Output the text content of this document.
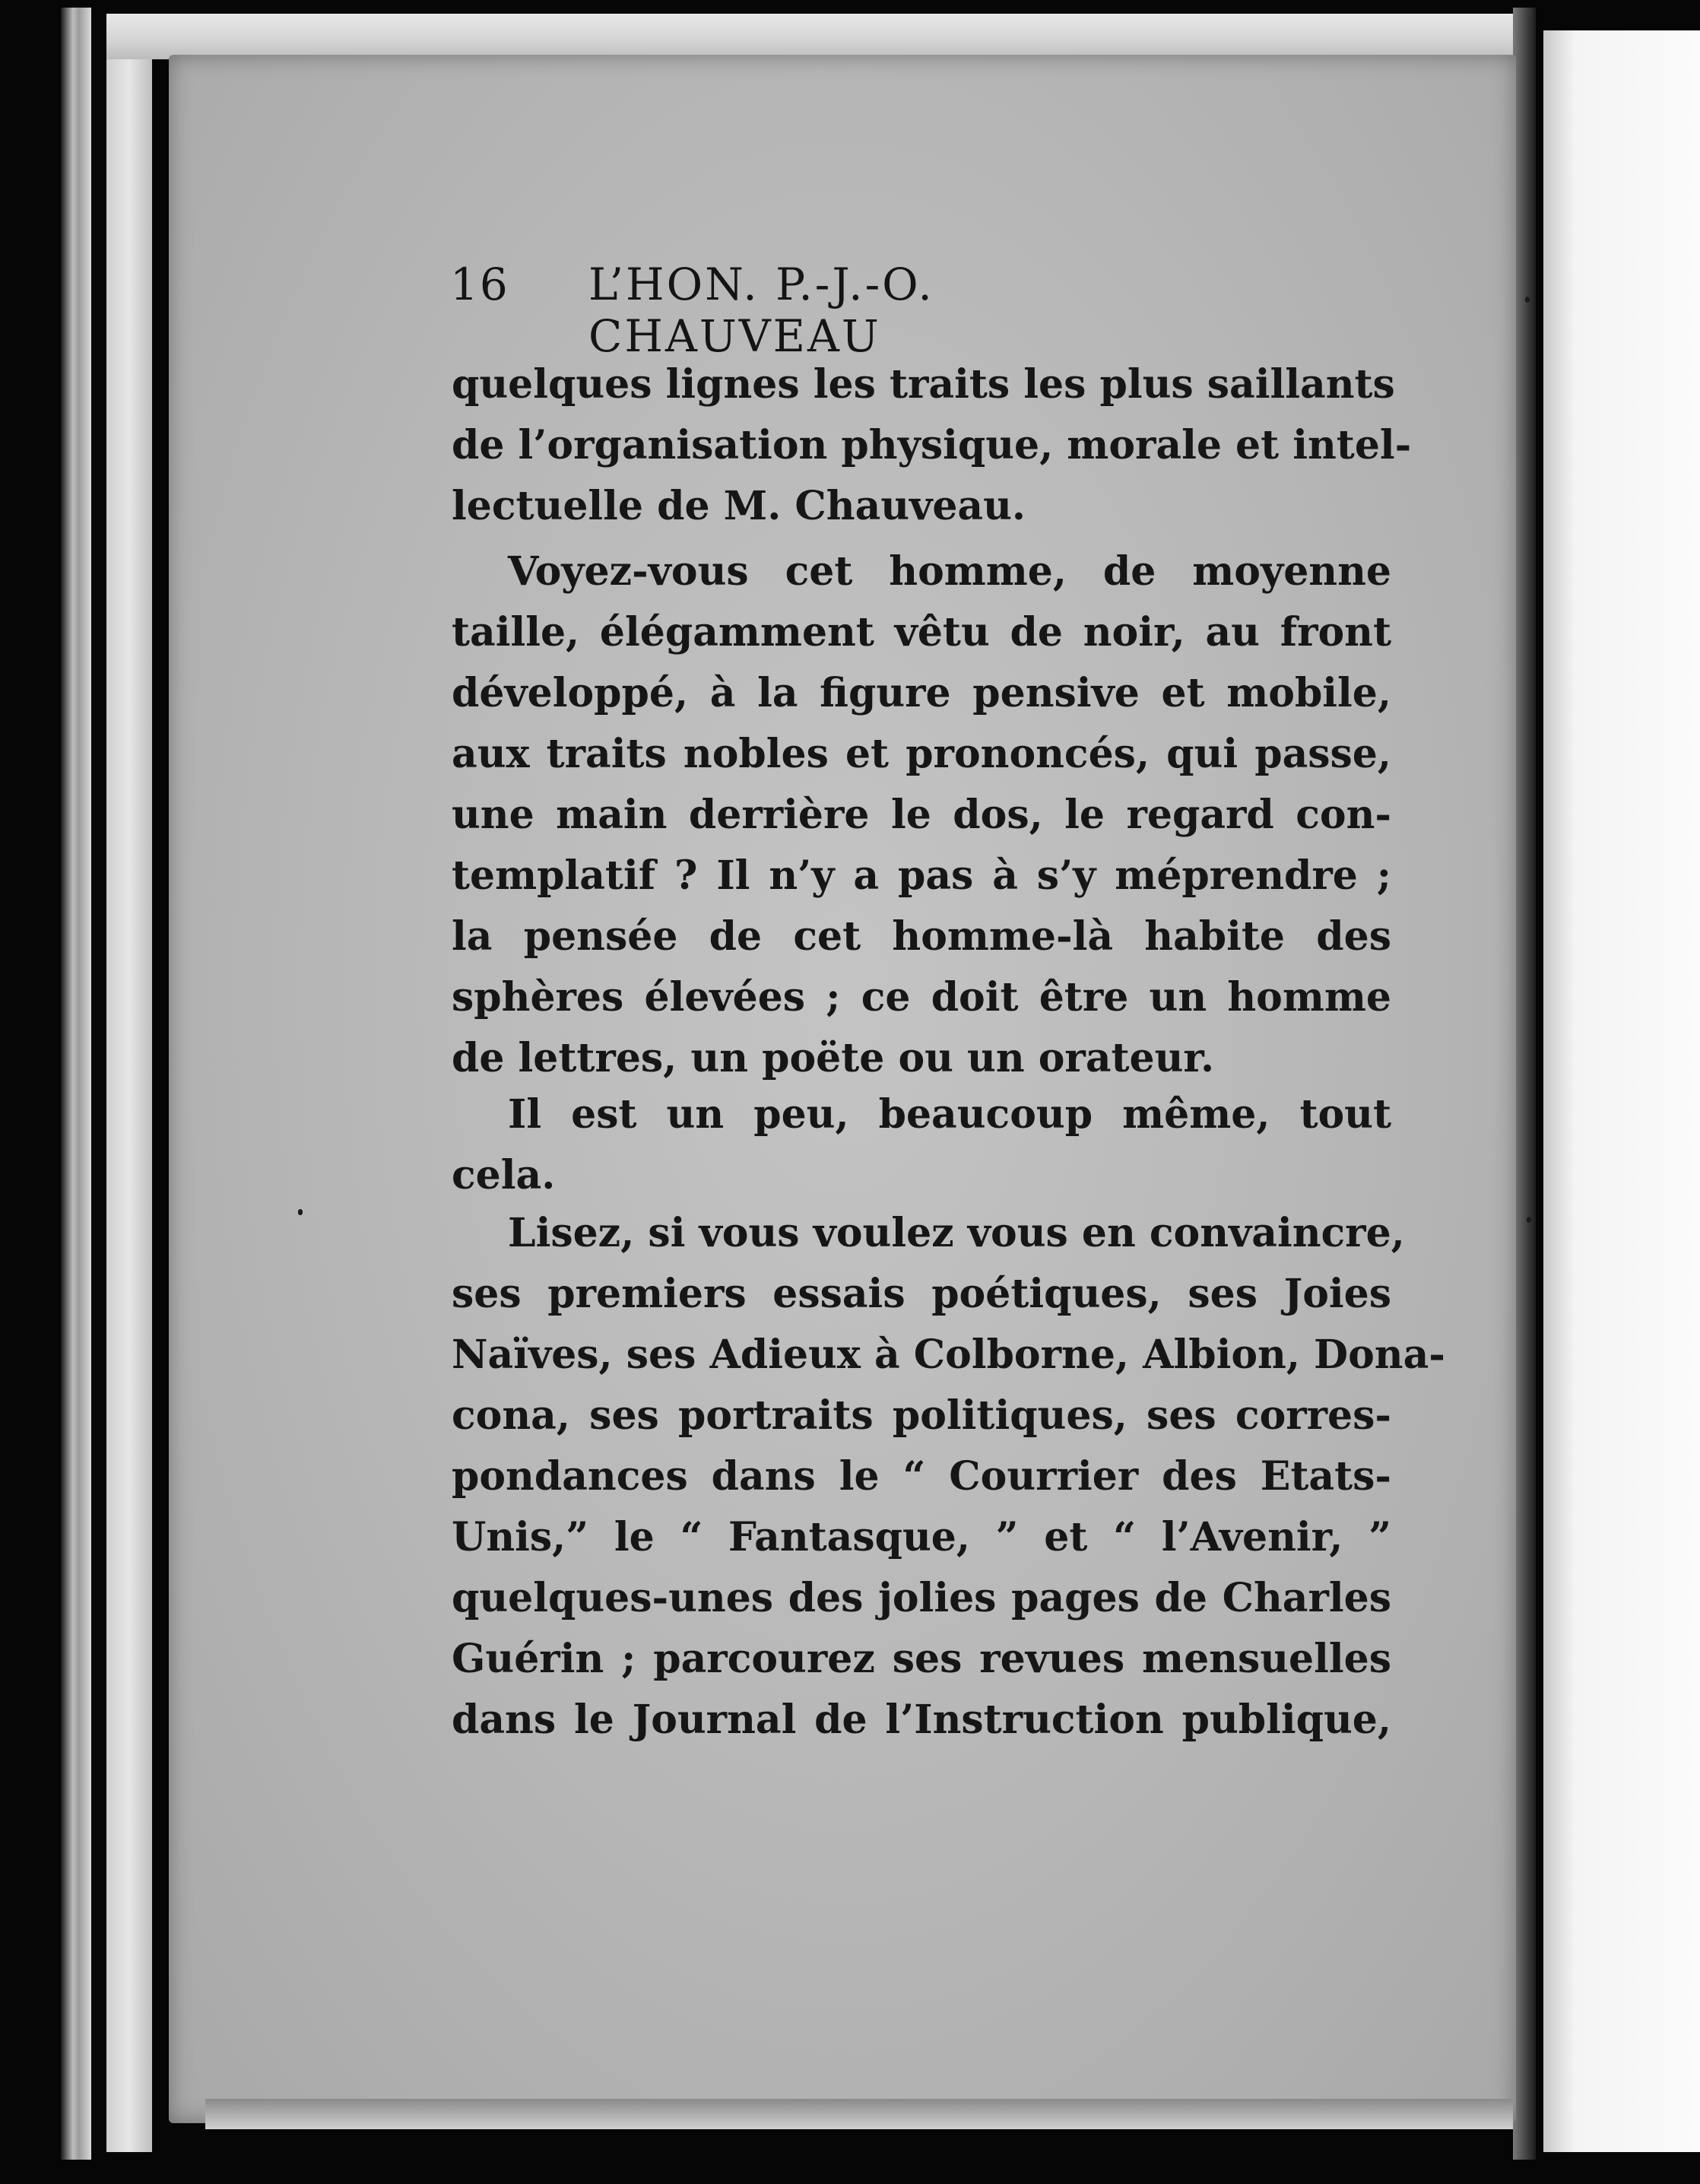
16 L’HON. P.-J.-O. CHAUVEAU
quelques lignes les traits les plus saillants
de l’organisation physique, morale et intel-
lectuelle de M. Chauveau.
Voyez-vous cet homme, de moyenne
taille, élégamment vêtu de noir, au front
développé, à la figure pensive et mobile,
aux traits nobles et prononcés, qui passe,
une main derrière le dos, le regard con-
templatif ? Il n’y a pas à s’y méprendre ;
la pensée de cet homme-là habite des
sphères élevées ; ce doit être un homme
de lettres, un poëte ou un orateur.
Il est un peu, beaucoup même, tout
cela.
Lisez, si vous voulez vous en convaincre,
ses premiers essais poétiques, ses Joies
Naïves, ses Adieux à Colborne, Albion, Dona-
cona, ses portraits politiques, ses corres-
pondances dans le “ Courrier des Etats-
Unis,” le “ Fantasque, ” et “ l’Avenir, ”
quelques-unes des jolies pages de Charles
Guérin ; parcourez ses revues mensuelles
dans le Journal de l’Instruction publique,
